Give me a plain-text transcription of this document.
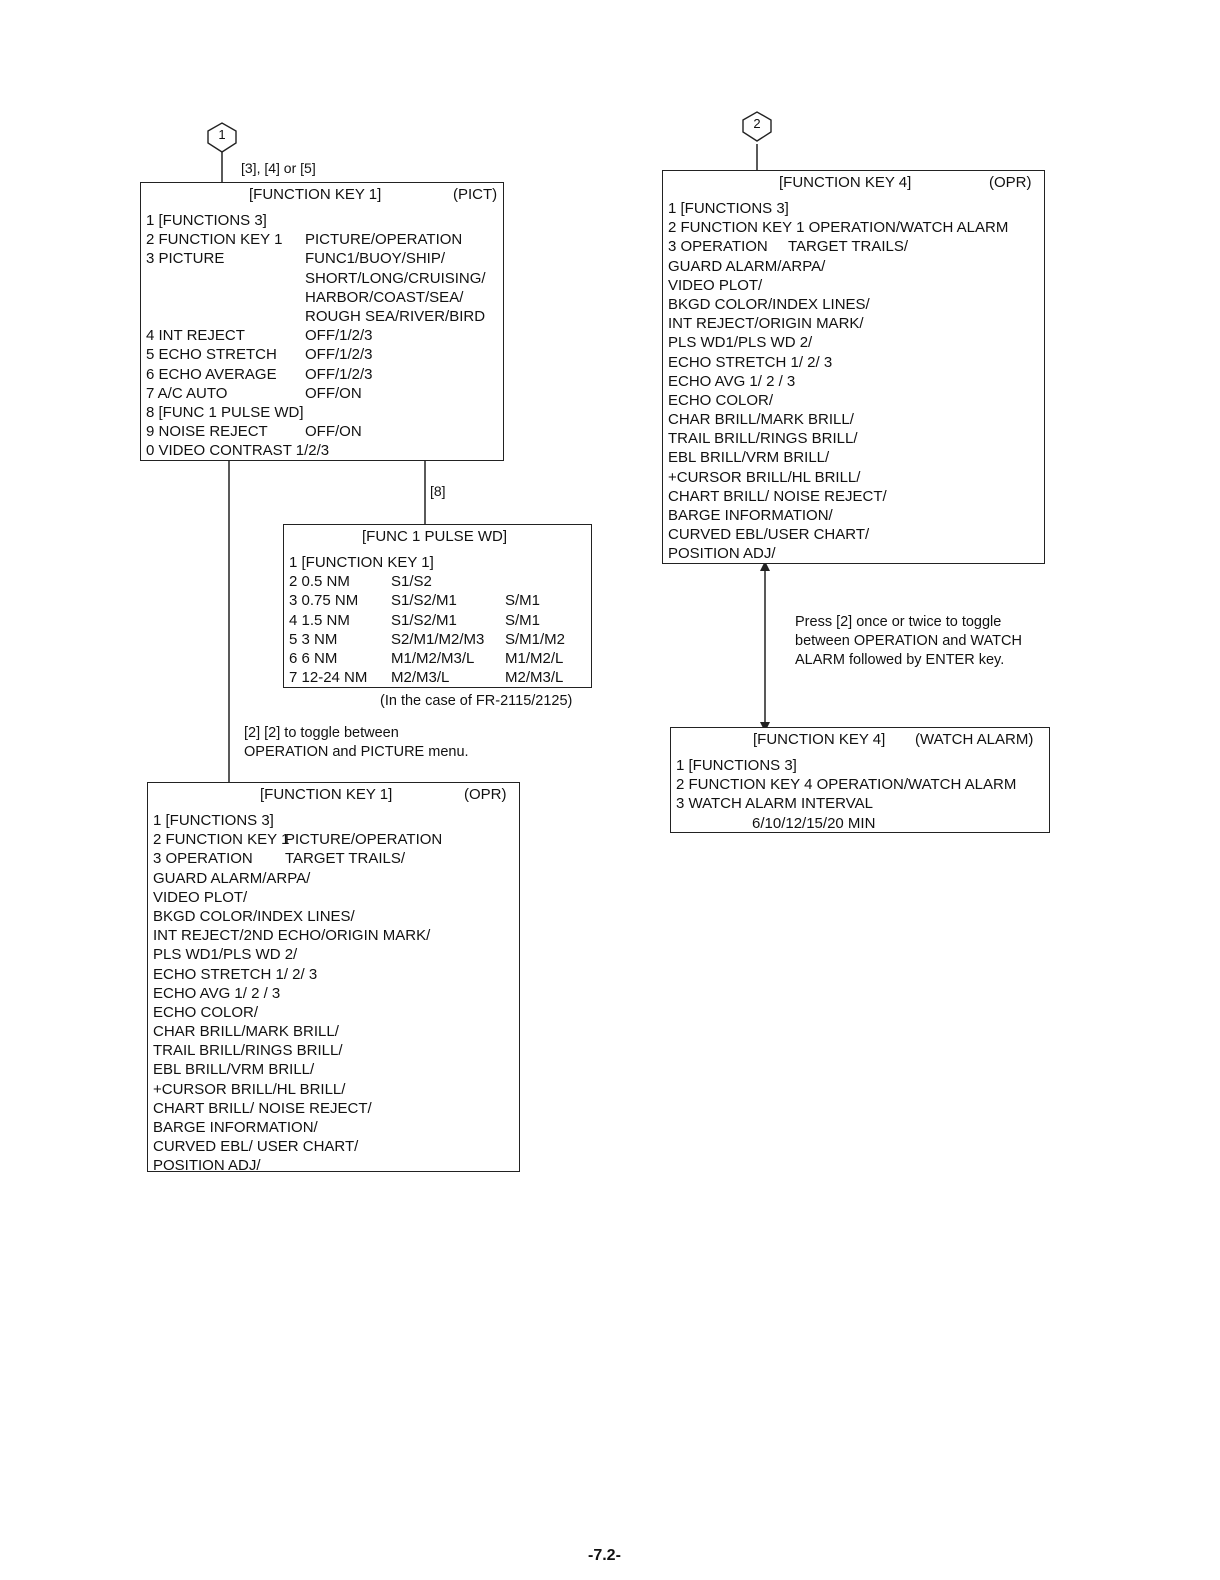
1
2
[3], [4] or [5]
[8]
[FUNCTION KEY 1]	(PICT)
1 [FUNCTIONS 3]
2 FUNCTION KEY 1 PICTURE/OPERATION
3 PICTURE	FUNC1/BUOY/SHIP/
SHORT/LONG/CRUISING/
HARBOR/COAST/SEA/
ROUGH SEA/RIVER/BIRD
4 INT REJECT	OFF/1/2/3
5 ECHO STRETCH OFF/1/2/3
6 ECHO AVERAGE OFF/1/2/3
7 A/C AUTO	OFF/ON
8 [FUNC 1 PULSE WD]
9 NOISE REJECT OFF/ON
0 VIDEO CONTRAST 1/2/3
[FUNC 1 PULSE WD]
1 [FUNCTION KEY 1]
2 0.5 NM	S1/S2
3 0.75 NM S1/S2/M1	S/M1
4 1.5 NM	S1/S2/M1	S/M1
5 3 NM	S2/M1/M2/M3 S/M1/M2
6 6 NM	M1/M2/M3/L M1/M2/L
7 12-24 NM M2/M3/L	M2/M3/L
(In the case of FR-2115/2125)
[2] [2] to toggle between
OPERATION and PICTURE menu.
[FUNCTION KEY 1]	(OPR)
1 [FUNCTIONS 3]
2 FUNCTION KEY 1
PICTURE/OPERATION
3 OPERATION TARGET TRAILS/
GUARD ALARM/ARPA/
VIDEO PLOT/
BKGD COLOR/INDEX LINES/
INT REJECT/2ND ECHO/ORIGIN MARK/
PLS WD1/PLS WD 2/
ECHO STRETCH 1/ 2/ 3
ECHO AVG 1/ 2 / 3
ECHO COLOR/
CHAR BRILL/MARK BRILL/
TRAIL BRILL/RINGS BRILL/
EBL BRILL/VRM BRILL/
+CURSOR BRILL/HL BRILL/
CHART BRILL/ NOISE REJECT/
BARGE INFORMATION/
CURVED EBL/ USER CHART/
POSITION ADJ/
[FUNCTION KEY 4]	(OPR)
1 [FUNCTIONS 3]
2 FUNCTION KEY 1 OPERATION/WATCH ALARM
3 OPERATION TARGET TRAILS/
GUARD ALARM/ARPA/
VIDEO PLOT/
BKGD COLOR/INDEX LINES/
INT REJECT/ORIGIN MARK/
PLS WD1/PLS WD 2/
ECHO STRETCH 1/ 2/ 3
ECHO AVG 1/ 2 / 3
ECHO COLOR/
CHAR BRILL/MARK BRILL/
TRAIL BRILL/RINGS BRILL/
EBL BRILL/VRM BRILL/
+CURSOR BRILL/HL BRILL/
CHART BRILL/ NOISE REJECT/
BARGE INFORMATION/
CURVED EBL/USER CHART/
POSITION ADJ/
Press [2] once or twice to toggle
between OPERATION and WATCH
ALARM followed by ENTER key.
[FUNCTION KEY 4] (WATCH ALARM)
1 [FUNCTIONS 3]
2 FUNCTION KEY 4 OPERATION/WATCH ALARM
3 WATCH ALARM INTERVAL
6/10/12/15/20 MIN
-7.2-
